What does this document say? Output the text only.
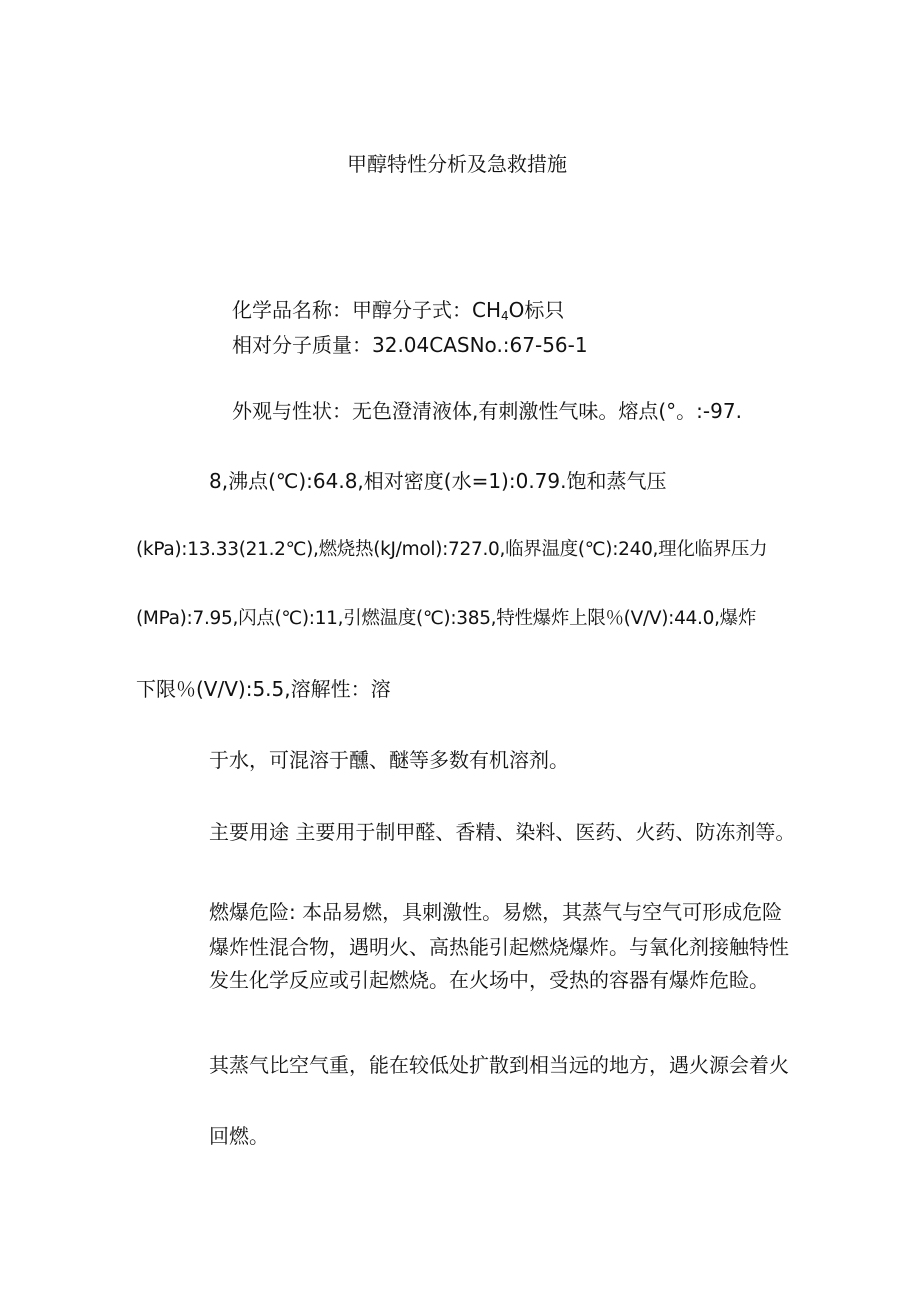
甲醇特性分析及急救措施
化学品名称：甲醇分子式：$CH_4O$标只
相对分子质量：32.04CASNo.:67-56-1
外观与性状：无色澄清液体,有刺激性气味。熔点(°。:-97.
8,沸点(℃):64.8,相对密度(水=1):0.79.饱和蒸气压
(kPa):13.33(21.2℃),燃烧热(kJ/mol):727.0,临界温度(℃):240,理化临界压力
(MPa):7.95,闪点(℃):11,引燃温度(℃):385,特性爆炸上限％(V/V):44.0,爆炸
下限％(V/V):5.5,溶解性：溶
于水，可混溶于醺、醚等多数有机溶剂。
主要用途 主要用于制甲醛、香精、染料、医药、火药、防冻剂等。
燃爆危险: 本品易燃，具刺激性。易燃，其蒸气与空气可形成危险
爆炸性混合物，遇明火、高热能引起燃烧爆炸。与氧化剂接触特性
发生化学反应或引起燃烧。在火场中，受热的容器有爆炸危睑。
其蒸气比空气重，能在较低处扩散到相当远的地方，遇火源会着火
回燃。
